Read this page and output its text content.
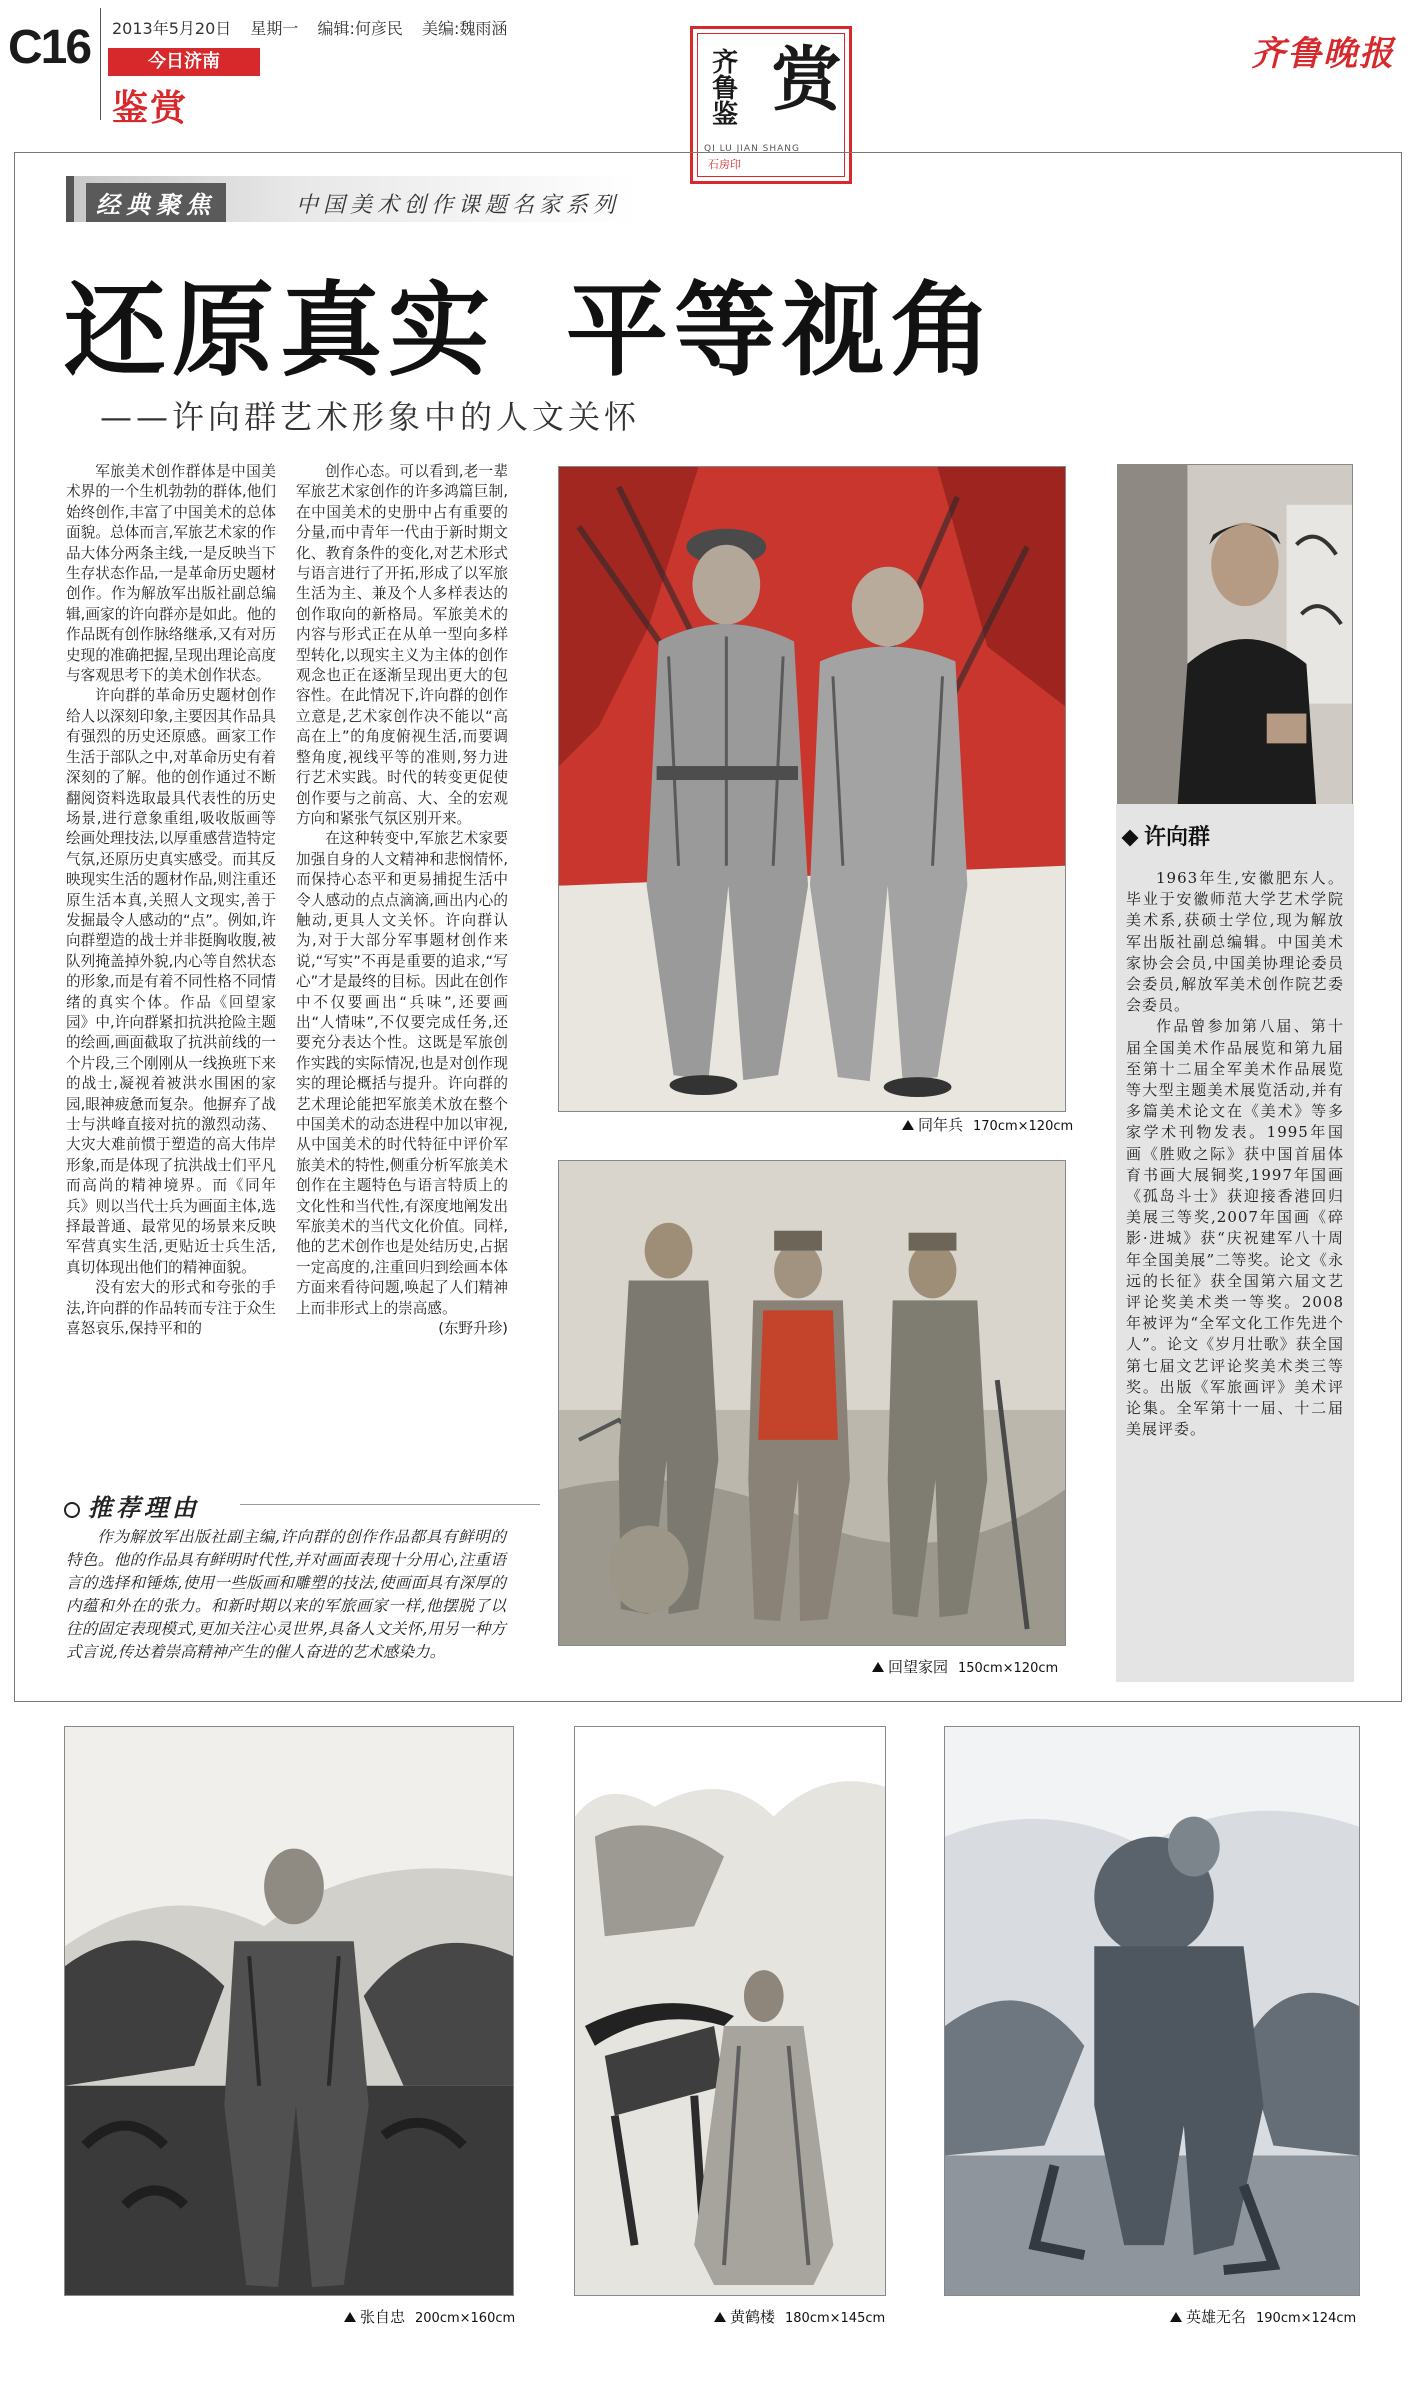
C16 2013年5月20日 星期一 编辑:何彦民 美编:魏雨涵
今日济南
鉴赏	赏
齐鲁鉴
QI LU JIAN SHANG
石房印
齐鲁晚报
经典聚焦	中国美术创作课题名家系列
还原真实 平等视角
——许向群艺术形象中的人文关怀

军旅美术创作群体是中国美术界的一个生机勃勃的群体,他们始终创作,丰富了中国美术的总体面貌。总体而言,军旅艺术家的作品大体分两条主线,一是反映当下生存状态作品,一是革命历史题材创作。作为解放军出版社副总编辑,画家的许向群亦是如此。他的作品既有创作脉络继承,又有对历史现的准确把握,呈现出理论高度与客观思考下的美术创作状态。

许向群的革命历史题材创作给人以深刻印象,主要因其作品具有强烈的历史还原感。画家工作生活于部队之中,对革命历史有着深刻的了解。他的创作通过不断翻阅资料选取最具代表性的历史场景,进行意象重组,吸收版画等绘画处理技法,以厚重感营造特定气氛,还原历史真实感受。而其反映现实生活的题材作品,则注重还原生活本真,关照人文现实,善于发掘最令人感动的“点”。例如,许向群塑造的战士并非挺胸收腹,被队列掩盖掉外貌,内心等自然状态的形象,而是有着不同性格不同情绪的真实个体。作品《回望家园》中,许向群紧扣抗洪抢险主题的绘画,画面截取了抗洪前线的一个片段,三个刚刚从一线换班下来的战士,凝视着被洪水围困的家园,眼神疲惫而复杂。他摒弃了战士与洪峰直接对抗的激烈动荡、大灾大难前惯于塑造的高大伟岸形象,而是体现了抗洪战士们平凡而高尚的精神境界。而《同年兵》则以当代士兵为画面主体,选择最普通、最常见的场景来反映军营真实生活,更贴近士兵生活,真切体现出他们的精神面貌。

没有宏大的形式和夸张的手法,许向群的作品转而专注于众生喜怒哀乐,保持平和的

创作心态。可以看到,老一辈军旅艺术家创作的许多鸿篇巨制,在中国美术的史册中占有重要的分量,而中青年一代由于新时期文化、教育条件的变化,对艺术形式与语言进行了开拓,形成了以军旅生活为主、兼及个人多样表达的创作取向的新格局。军旅美术的内容与形式正在从单一型向多样型转化,以现实主义为主体的创作观念也正在逐渐呈现出更大的包容性。在此情况下,许向群的创作立意是,艺术家创作决不能以“高高在上”的角度俯视生活,而要调整角度,视线平等的准则,努力进行艺术实践。时代的转变更促使创作要与之前高、大、全的宏观方向和紧张气氛区别开来。

在这种转变中,军旅艺术家要加强自身的人文精神和悲悯情怀,而保持心态平和更易捕捉生活中令人感动的点点滴滴,画出内心的触动,更具人文关怀。许向群认为,对于大部分军事题材创作来说,“写实”不再是重要的追求,“写心”才是最终的目标。因此在创作中不仅要画出“兵味”,还要画出“人情味”,不仅要完成任务,还要充分表达个性。这既是军旅创作实践的实际情况,也是对创作现实的理论概括与提升。许向群的艺术理论能把军旅美术放在整个中国美术的动态进程中加以审视,从中国美术的时代特征中评价军旅美术的特性,侧重分析军旅美术创作在主题特色与语言特质上的文化性和当代性,有深度地阐发出军旅美术的当代文化价值。同样,他的艺术创作也是处结历史,占据一定高度的,注重回归到绘画本体方面来看待问题,唤起了人们精神上而非形式上的崇高感。

(东野升珍)
推荐理由
作为解放军出版社副主编,许向群的创作作品都具有鲜明的特色。他的作品具有鲜明时代性,并对画面表现十分用心,注重语言的选择和锤炼,使用一些版画和雕塑的技法,使画面具有深厚的内蕴和外在的张力。和新时期以来的军旅画家一样,他摆脱了以往的固定表现模式,更加关注心灵世界,具备人文关怀,用另一种方式言说,传达着崇高精神产生的催人奋进的艺术感染力。
同年兵 170cm×120cm
回望家园 150cm×120cm
许向群

1963年生,安徽肥东人。毕业于安徽师范大学艺术学院美术系,获硕士学位,现为解放军出版社副总编辑。中国美术家协会会员,中国美协理论委员会委员,解放军美术创作院艺委会委员。

作品曾参加第八届、第十届全国美术作品展览和第九届至第十二届全军美术作品展览等大型主题美术展览活动,并有多篇美术论文在《美术》等多家学术刊物发表。1995年国画《胜败之际》获中国首届体育书画大展铜奖,1997年国画《孤岛斗士》获迎接香港回归美展三等奖,2007年国画《碎影·进城》获“庆祝建军八十周年全国美展”二等奖。论文《永远的长征》获全国第六届文艺评论奖美术类一等奖。2008年被评为“全军文化工作先进个人”。论文《岁月壮歌》获全国第七届文艺评论奖美术类三等奖。出版《军旅画评》美术评论集。全军第十一届、十二届美展评委。

张自忠 200cm×160cm	黄鹤楼 180cm×145cm	英雄无名 190cm×124cm
